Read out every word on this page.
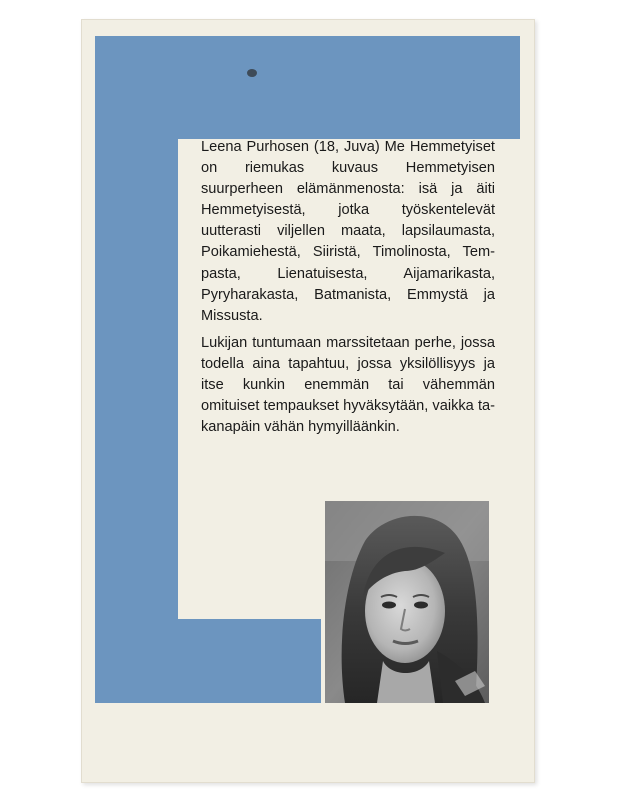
Leena Purhosen (18, Juva) Me Hemmetyiset on riemukas kuvaus Hemmetyisen suurperheen elämänmenosta: isä ja äiti Hemmetyisestä, jotka työskentelevät uutterasti viljellen maata, lapsilaumasta, Poikamiehestä, Siiristä, Timolinosta, Tempasta, Lienatuisesta, Aijamarikasta, Pyryharakasta, Batmanista, Emmystä ja Missusta.

Lukijan tuntumaan marssitetaan perhe, jossa todella aina tapahtuu, jossa yksilöllisyys ja itse kunkin enemmän tai vähemmän omituiset tempaukset hyväksytään, vaikka takanapäin vähän hymyilläänkin.
